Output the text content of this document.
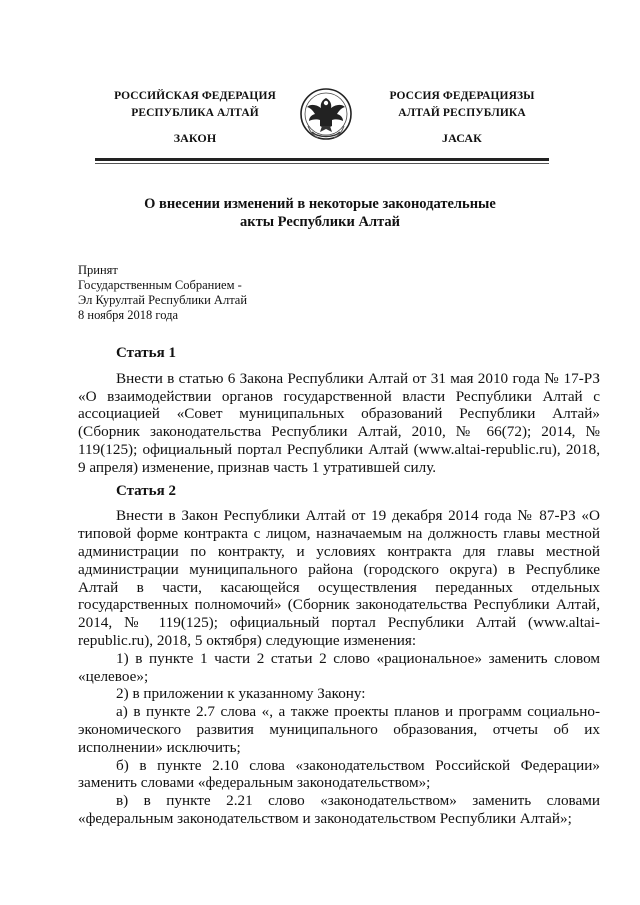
РОССИЙСКАЯ ФЕДЕРАЦИЯ
РЕСПУБЛИКА АЛТАЙ
ЗАКОН
РОССИЯ ФЕДЕРАЦИЯЗЫ
АЛТАЙ РЕСПУБЛИКА
JАСАК
О внесении изменений в некоторые законодательные
акты Республики Алтай
Принят
Государственным Собранием -
Эл Курултай Республики Алтай
8 ноября 2018 года
Статья 1

Внести в статью 6 Закона Республики Алтай от 31 мая 2010 года № 17-РЗ «О взаимодействии органов государственной власти Республики Алтай с ассоциацией «Совет муниципальных образований Республики Алтай» (Сборник законодательства Республики Алтай, 2010, № 66(72); 2014, № 119(125); официальный портал Республики Алтай (www.altai-republic.ru), 2018, 9 апреля) изменение, признав часть 1 утратившей силу.

Статья 2

Внести в Закон Республики Алтай от 19 декабря 2014 года № 87-РЗ «О типовой форме контракта с лицом, назначаемым на должность главы местной администрации по контракту, и условиях контракта для главы местной администрации муниципального района (городского округа) в Республике Алтай в части, касающейся осуществления переданных отдельных государственных полномочий» (Сборник законодательства Республики Алтай, 2014, № 119(125); официальный портал Республики Алтай (www.altai-republic.ru), 2018, 5 октября) следующие изменения:

1) в пункте 1 части 2 статьи 2 слово «рациональное» заменить словом «целевое»;

2) в приложении к указанному Закону:

а) в пункте 2.7 слова «, а также проекты планов и программ социально-экономического развития муниципального образования, отчеты об их исполнении» исключить;

б) в пункте 2.10 слова «законодательством Российской Федерации» заменить словами «федеральным законодательством»;

в) в пункте 2.21 слово «законодательством» заменить словами «федеральным законодательством и законодательством Республики Алтай»;
